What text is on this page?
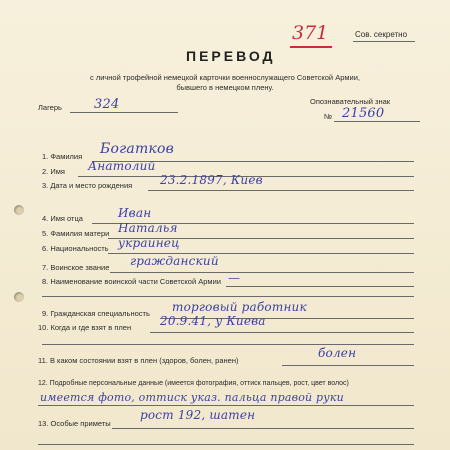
371	Сов. секретно
ПЕРЕВОД
с личной трофейной немецкой карточки военнослужащего Советской Армии,
бывшего в немецком плену.
Лагерь 324	Опознавательный знак
№ 21560
1. Фамилия Богатков
2. Имя Анатолий
3. Дата и место рождения 23.2.1897, Киев
4. Имя отца	Иван
5. Фамилия матери Наталья
6. Национальность украинец
7. Воинское звание гражданский
8. Наименование воинской части Советской Армии —
9. Гражданская специальность торговый работник
10. Когда и где взят в плен 20.9.41, у Киева
11. В каком состоянии взят в плен (здоров, болен, ранен)
болен
12. Подробные персональные данные (имеется фотография, оттиск пальцев, рост, цвет волос)
имеется фото, оттиск указ. пальца правой руки
13. Особые приметы
рост 192, шатен
